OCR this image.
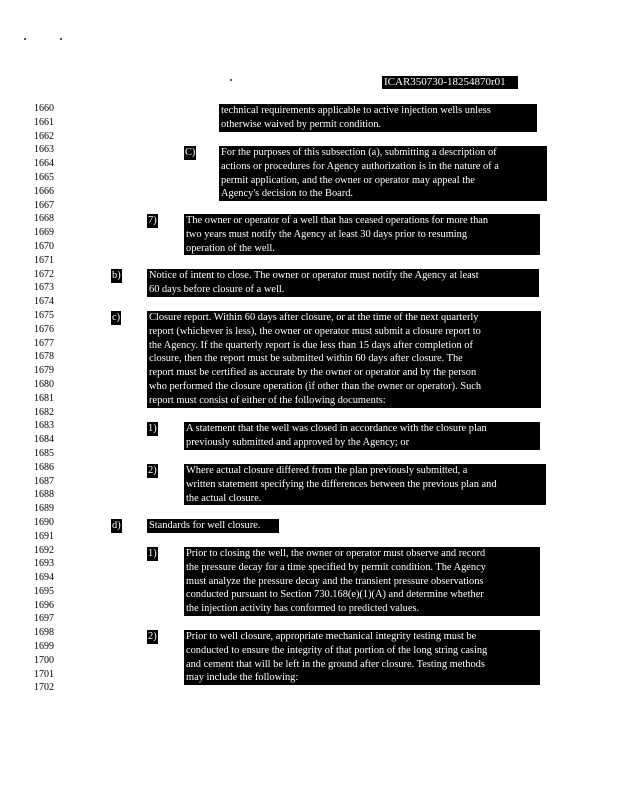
ICAR350730-18254870r01
1660
1661
1662
1663
1664
1665
1666
1667
1668
1669
1670
1671
1672
1673
1674
1675
1676
1677
1678
1679
1680
1681
1682
1683
1684
1685
1686
1687
1688
1689
1690
1691
1692
1693
1694
1695
1696
1697
1698
1699
1700
1701
1702
technical requirements applicable to active injection wells unless
otherwise waived by permit condition.
C) For the purposes of this subsection (a), submitting a description of
actions or procedures for Agency authorization is in the nature of a
permit application, and the owner or operator may appeal the
Agency's decision to the Board.
7)	The owner or operator of a well that has ceased operations for more than
two years must notify the Agency at least 30 days prior to resuming
operation of the well.
b)	Notice of intent to close. The owner or operator must notify the Agency at least
60 days before closure of a well.
c)	Closure report. Within 60 days after closure, or at the time of the next quarterly
report (whichever is less), the owner or operator must submit a closure report to
the Agency. If the quarterly report is due less than 15 days after completion of
closure, then the report must be submitted within 60 days after closure. The
report must be certified as accurate by the owner or operator and by the person
who performed the closure operation (if other than the owner or operator). Such
report must consist of either of the following documents:
1)	A statement that the well was closed in accordance with the closure plan
previously submitted and approved by the Agency; or
2)	Where actual closure differed from the plan previously submitted, a
written statement specifying the differences between the previous plan and
the actual closure.
d)	Standards for well closure.
1)	Prior to closing the well, the owner or operator must observe and record
the pressure decay for a time specified by permit condition. The Agency
must analyze the pressure decay and the transient pressure observations
conducted pursuant to Section 730.168(e)(1)(A) and determine whether
the injection activity has conformed to predicted values.
2)	Prior to well closure, appropriate mechanical integrity testing must be
conducted to ensure the integrity of that portion of the long string casing
and cement that will be left in the ground after closure. Testing methods
may include the following:
